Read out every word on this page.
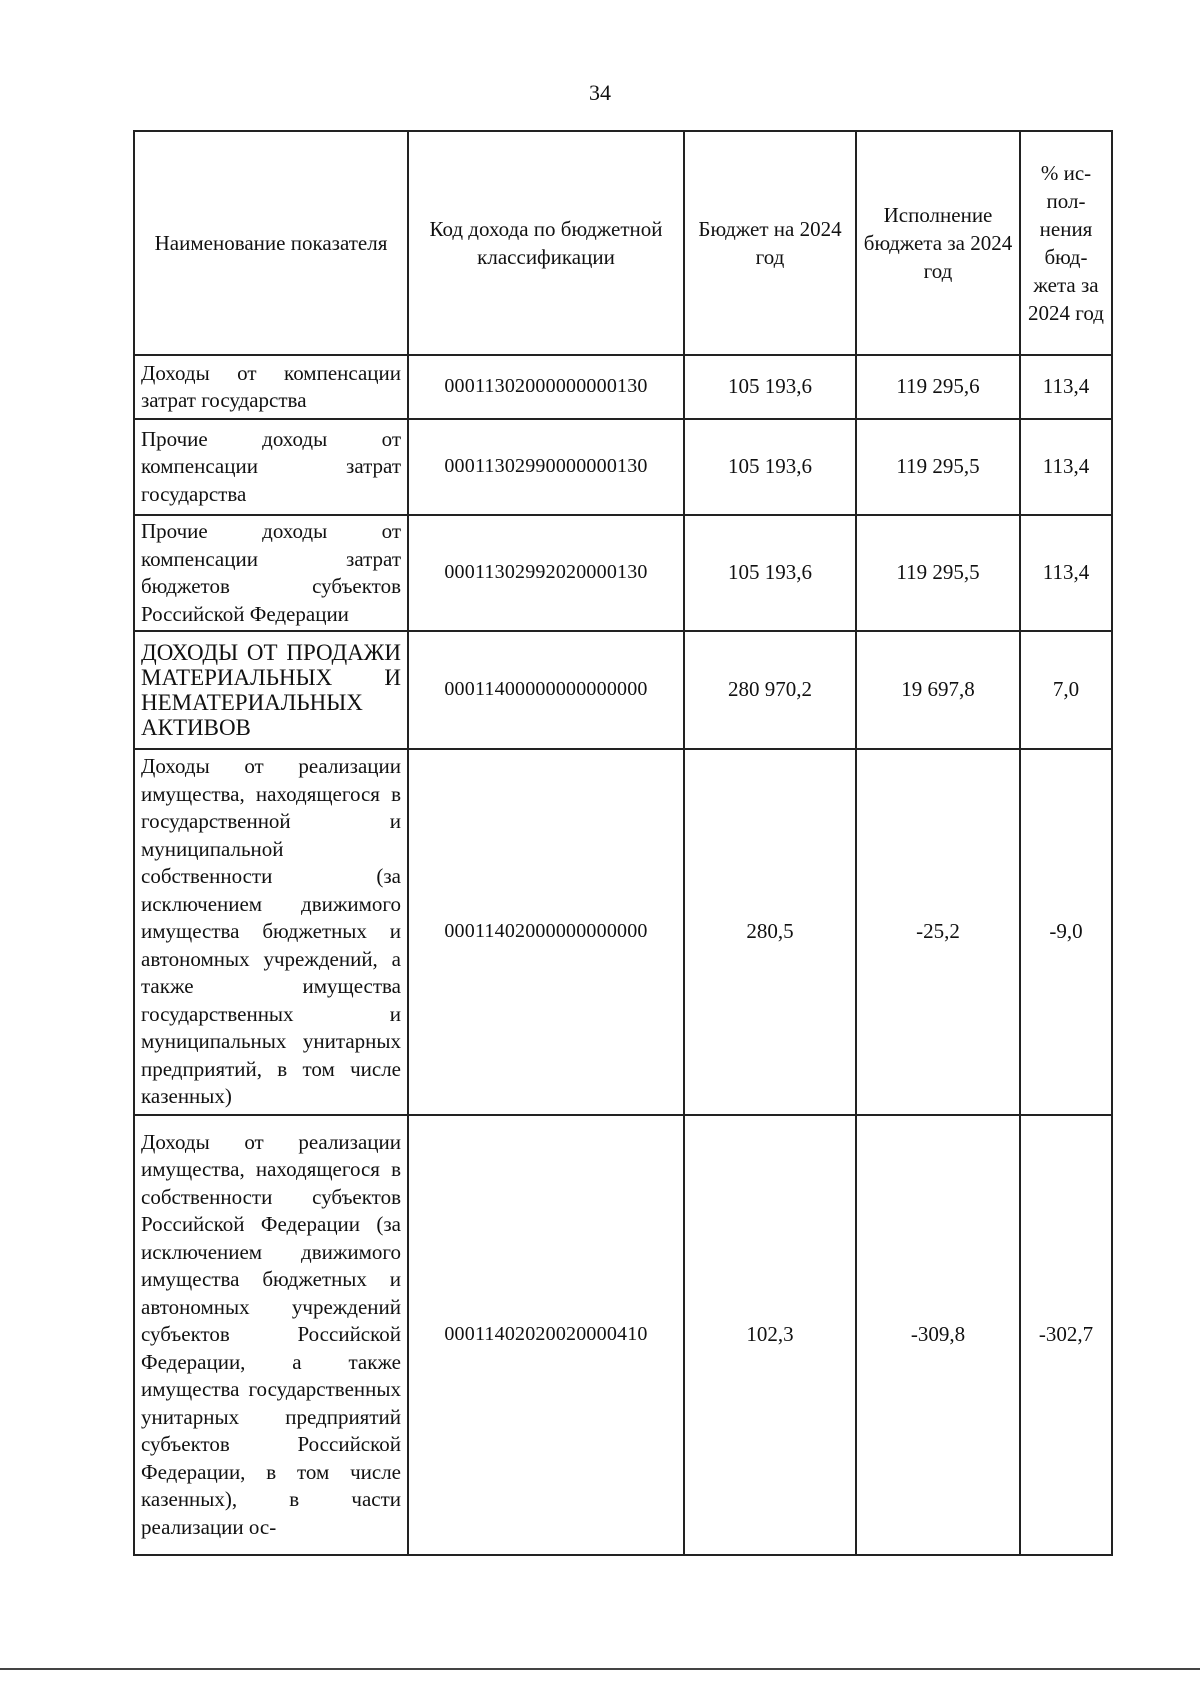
34
Наименование показателя	Код дохода по бюджетной классификации	Бюджет на 2024 год	Исполнение бюджета за 2024 год	% ис-пол-нения бюд-жета за 2024 год
Доходы от компенсации затрат государства	00011302000000000130	105 193,6	119 295,6	113,4
Прочие доходы от компенсации затрат государства	00011302990000000130	105 193,6	119 295,5	113,4
Прочие доходы от компенсации затрат бюджетов субъектов Российской Федерации	00011302992020000130	105 193,6	119 295,5	113,4
ДОХОДЫ ОТ ПРОДАЖИ МАТЕРИАЛЬНЫХ И НЕМАТЕРИАЛЬНЫХ АКТИВОВ	00011400000000000000	280 970,2	19 697,8	7,0
Доходы от реализации имущества, находящегося в государственной и муниципальной собственности (за исключением движимого имущества бюджетных и автономных учреждений, а также имущества государственных и муниципальных унитарных предприятий, в том числе казенных)	00011402000000000000	280,5	-25,2	-9,0
Доходы от реализации имущества, находящегося в собственности субъектов Российской Федерации (за исключением движимого имущества бюджетных и автономных учреждений субъектов Российской Федерации, а также имущества государственных унитарных предприятий субъектов Российской Федерации, в том числе казенных), в части реализации ос-	00011402020020000410	102,3	-309,8	-302,7
